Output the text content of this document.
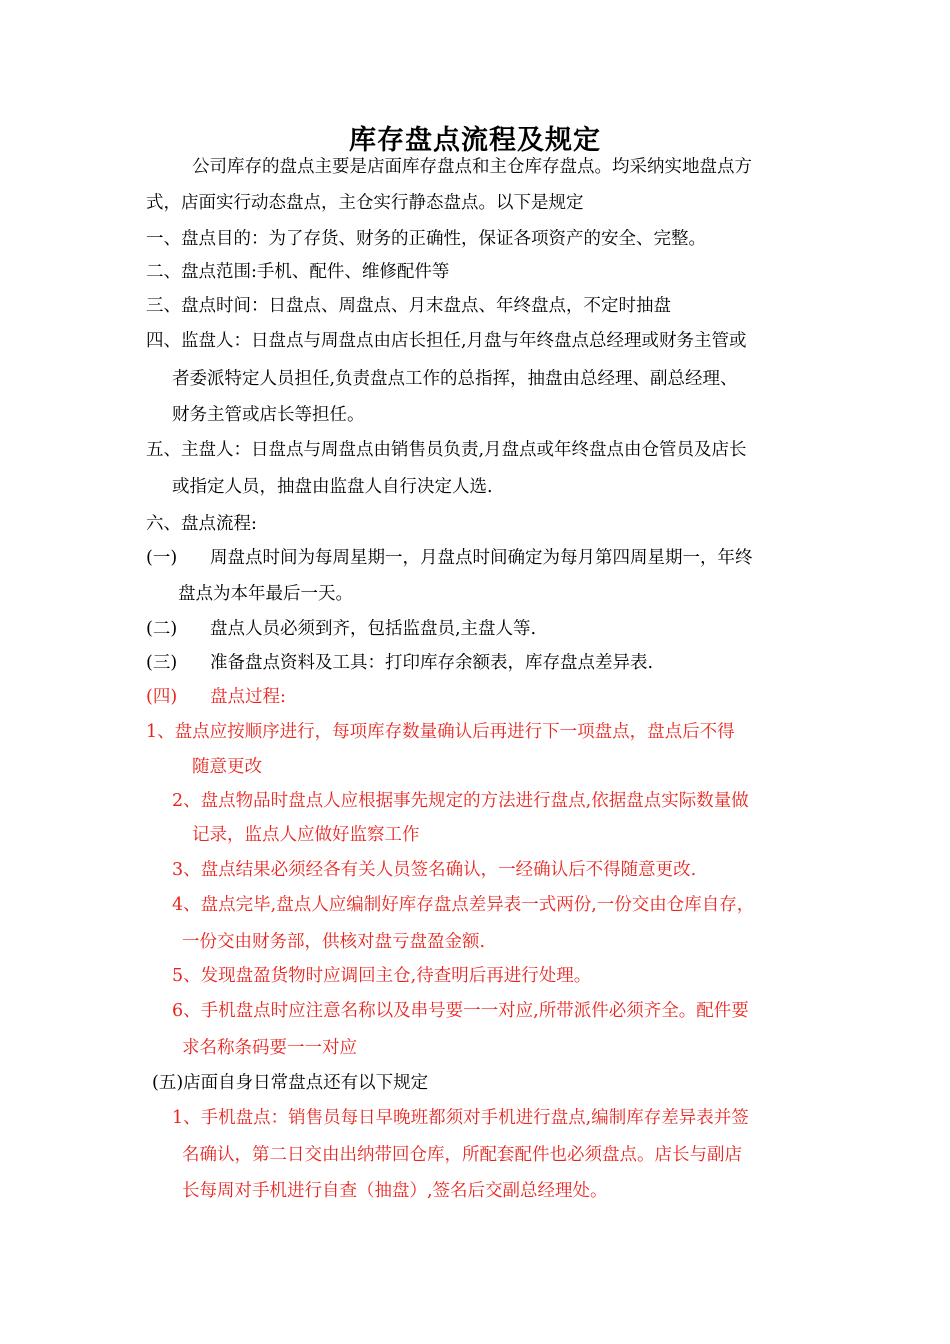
库存盘点流程及规定
公司库存的盘点主要是店面库存盘点和主仓库存盘点。均采纳实地盘点方
式，店面实行动态盘点，主仓实行静态盘点。以下是规定
一、盘点目的：为了存货、财务的正确性，保证各项资产的安全、完整。
二、盘点范围:手机、配件、维修配件等
三、盘点时间：日盘点、周盘点、月末盘点、年终盘点，不定时抽盘
四、监盘人：日盘点与周盘点由店长担任,月盘与年终盘点总经理或财务主管或
者委派特定人员担任,负责盘点工作的总指挥，抽盘由总经理、副总经理、
财务主管或店长等担任。
五、主盘人：日盘点与周盘点由销售员负责,月盘点或年终盘点由仓管员及店长
或指定人员，抽盘由监盘人自行决定人选.
六、盘点流程:
(一) 周盘点时间为每周星期一，月盘点时间确定为每月第四周星期一，年终
盘点为本年最后一天。
(二) 盘点人员必须到齐，包括监盘员,主盘人等.
(三) 准备盘点资料及工具：打印库存余额表，库存盘点差异表.
(四) 盘点过程:
1、盘点应按顺序进行，每项库存数量确认后再进行下一项盘点，盘点后不得
随意更改
2、盘点物品时盘点人应根据事先规定的方法进行盘点,依据盘点实际数量做
记录，监点人应做好监察工作
3、盘点结果必须经各有关人员签名确认，一经确认后不得随意更改.
4、盘点完毕,盘点人应编制好库存盘点差异表一式两份,一份交由仓库自存，
一份交由财务部，供核对盘亏盘盈金额.
5、发现盘盈货物时应调回主仓,待查明后再进行处理。
6、手机盘点时应注意名称以及串号要一一对应,所带派件必须齐全。配件要
求名称条码要一一对应
(五)店面自身日常盘点还有以下规定
1、手机盘点：销售员每日早晚班都须对手机进行盘点,编制库存差异表并签
名确认，第二日交由出纳带回仓库，所配套配件也必须盘点。店长与副店
长每周对手机进行自查（抽盘）,签名后交副总经理处。
